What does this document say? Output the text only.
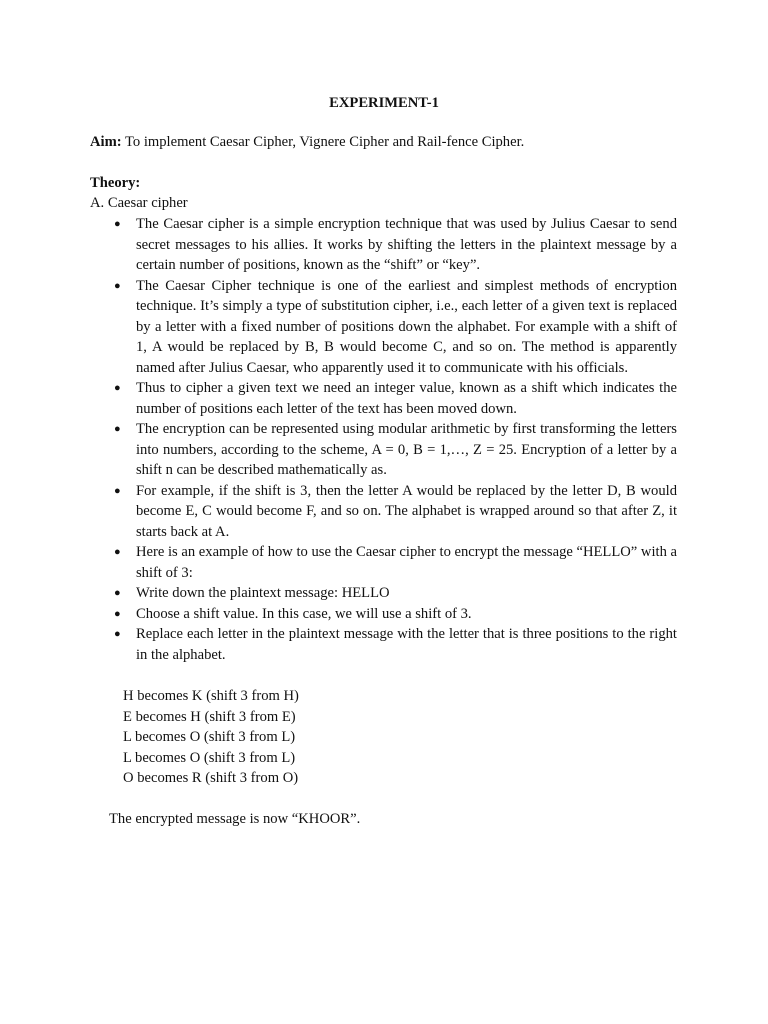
EXPERIMENT-1
Aim: To implement Caesar Cipher, Vignere Cipher and Rail-fence Cipher.
Theory:
A. Caesar cipher
● The Caesar cipher is a simple encryption technique that was used by Julius Caesar to send secret messages to his allies. It works by shifting the letters in the plaintext message by a certain number of positions, known as the “shift” or “key”.
● The Caesar Cipher technique is one of the earliest and simplest methods of encryption technique. It’s simply a type of substitution cipher, i.e., each letter of a given text is replaced by a letter with a fixed number of positions down the alphabet. For example with a shift of 1, A would be replaced by B, B would become C, and so on. The method is apparently named after Julius Caesar, who apparently used it to communicate with his officials.
● Thus to cipher a given text we need an integer value, known as a shift which indicates the number of positions each letter of the text has been moved down.
● The encryption can be represented using modular arithmetic by first transforming the letters into numbers, according to the scheme, A = 0, B = 1,…, Z = 25. Encryption of a letter by a shift n can be described mathematically as.
● For example, if the shift is 3, then the letter A would be replaced by the letter D, B would become E, C would become F, and so on. The alphabet is wrapped around so that after Z, it starts back at A.
● Here is an example of how to use the Caesar cipher to encrypt the message “HELLO” with a shift of 3:
● Write down the plaintext message: HELLO
● Choose a shift value. In this case, we will use a shift of 3.
● Replace each letter in the plaintext message with the letter that is three positions to the right in the alphabet.
H becomes K (shift 3 from H)
E becomes H (shift 3 from E)
L becomes O (shift 3 from L)
L becomes O (shift 3 from L)
O becomes R (shift 3 from O)
The encrypted message is now “KHOOR”.
